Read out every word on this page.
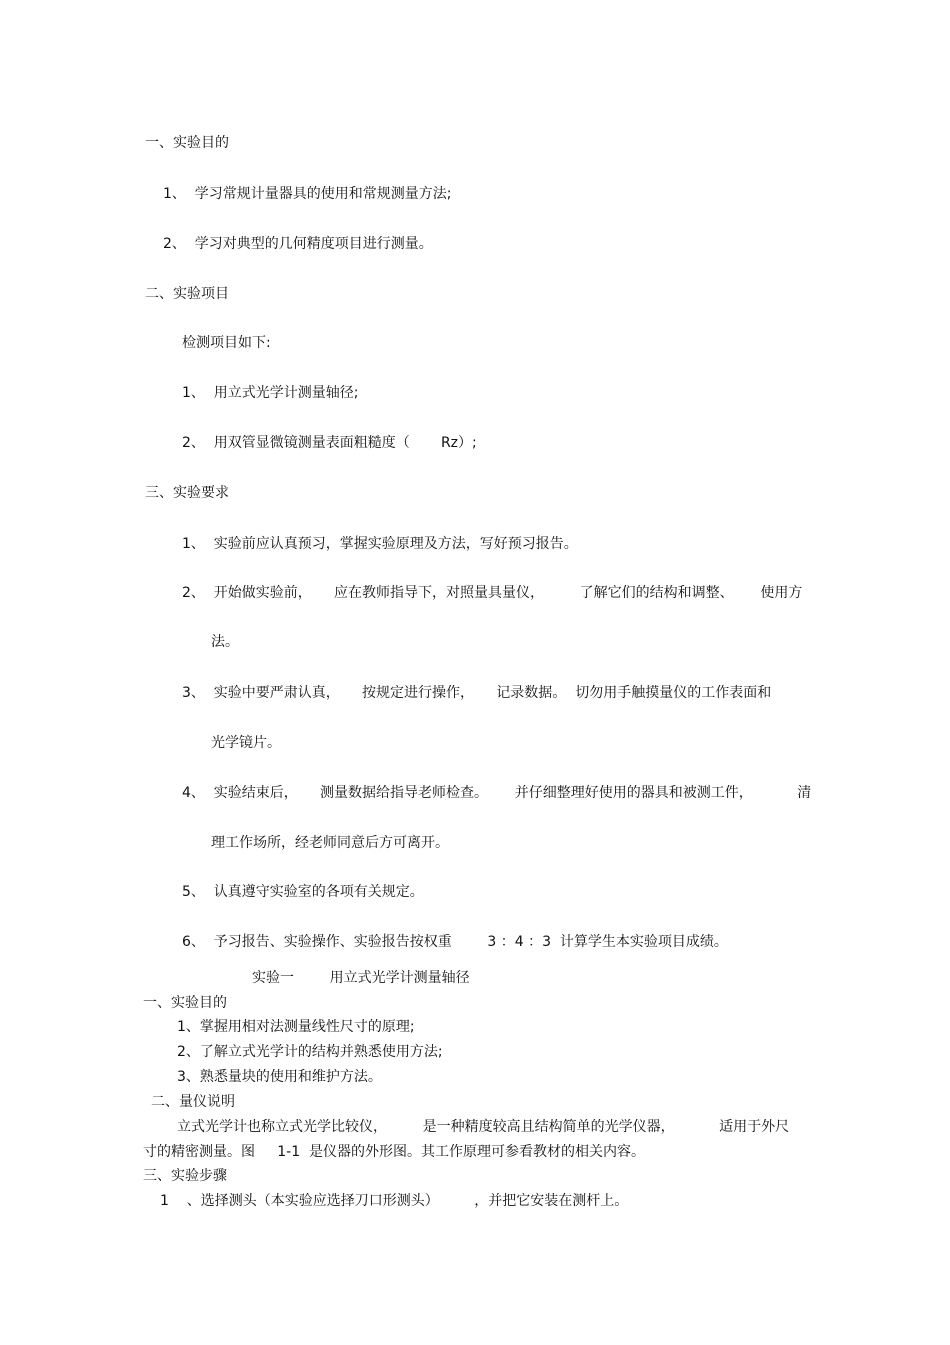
一、实验目的
1、  学习常规计量器具的使用和常规测量方法;
2、  学习对典型的几何精度项目进行测量。
二、实验项目
检测项目如下:
1、  用立式光学计测量轴径;
2、  用双管显微镜测量表面粗糙度（       Rz）;
三、实验要求
1、  实验前应认真预习，掌握实验原理及方法，写好预习报告。
2、  开始做实验前，     应在教师指导下，对照量具量仪，        了解它们的结构和调整、      使用方
法。
3、  实验中要严肃认真，     按规定进行操作，     记录数据。  切勿用手触摸量仪的工作表面和
光学镜片。
4、  实验结束后，     测量数据给指导老师检查。      并仔细整理好使用的器具和被测工件，          清
理工作场所，经老师同意后方可离开。
5、  认真遵守实验室的各项有关规定。
6、  予习报告、实验操作、实验报告按权重        3 ：4 ：3  计算学生本实验项目成绩。
实验一        用立式光学计测量轴径
一、实验目的
1、掌握用相对法测量线性尺寸的原理;
2、了解立式光学计的结构并熟悉使用方法;
3、熟悉量块的使用和维护方法。
二、量仪说明
立式光学计也称立式光学比较仪，        是一种精度较高且结构简单的光学仪器，          适用于外尺
寸的精密测量。图     1-1  是仪器的外形图。其工作原理可参看教材的相关内容。
三、实验步骤
1    、选择测头（本实验应选择刀口形测头）        ，并把它安装在测杆上。
